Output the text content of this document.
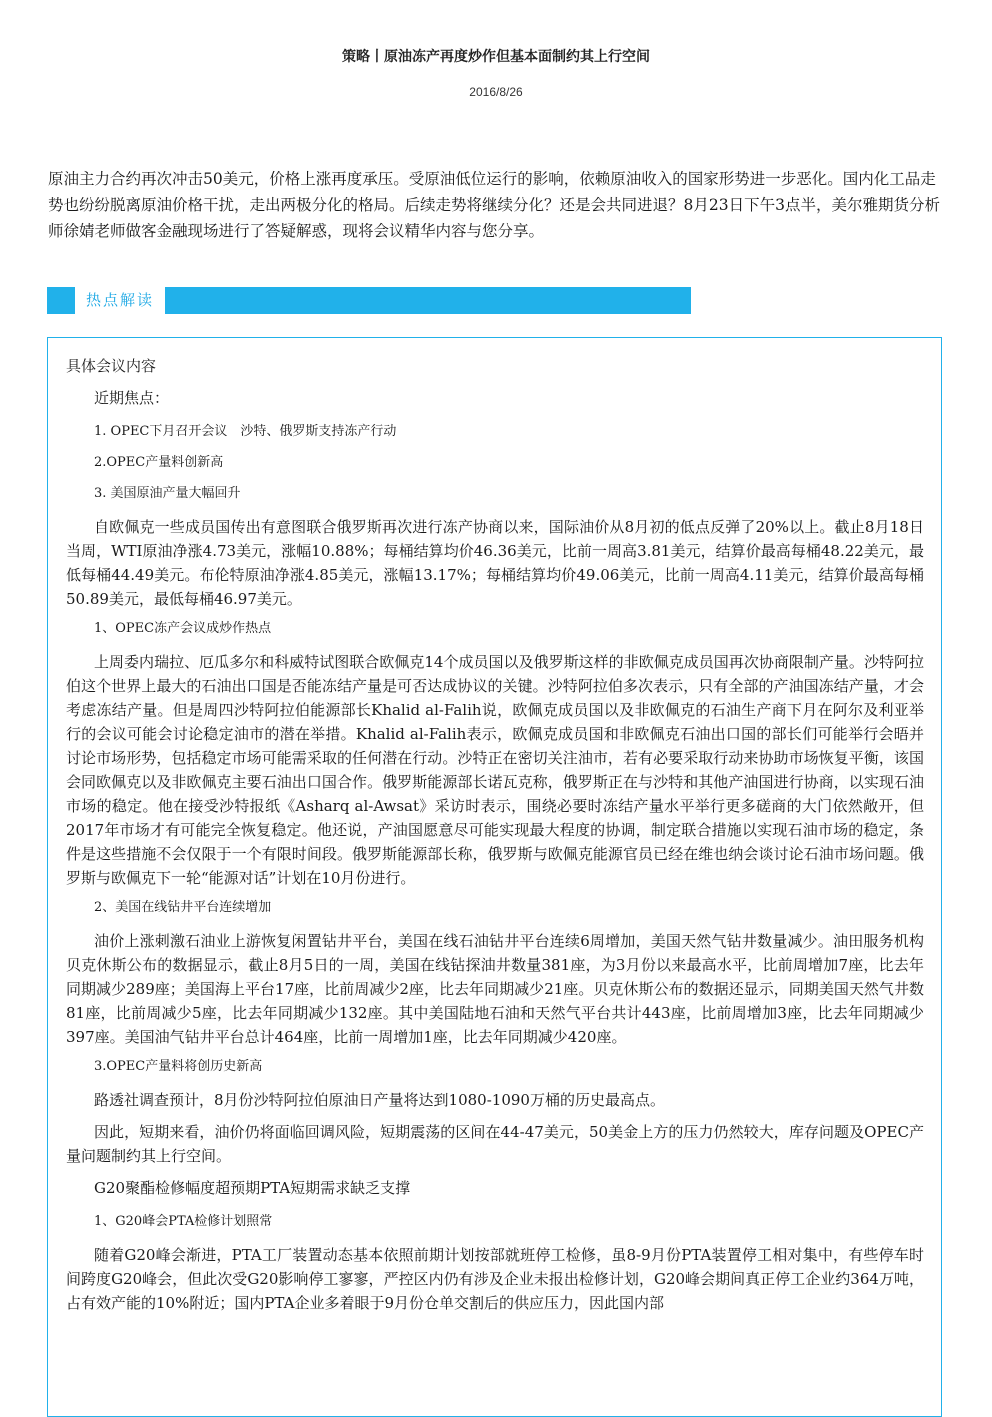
策略丨原油冻产再度炒作但基本面制约其上行空间
2016/8/26
原油主力合约再次冲击50美元，价格上涨再度承压。受原油低位运行的影响，依赖原油收入的国家形势进一步恶化。国内化工品走势也纷纷脱离原油价格干扰，走出两极分化的格局。后续走势将继续分化？还是会共同进退？8月23日下午3点半，美尔雅期货分析师徐婧老师做客金融现场进行了答疑解惑，现将会议精华内容与您分享。
热点解读
具体会议内容
近期焦点：
1. OPEC下月召开会议　沙特、俄罗斯支持冻产行动
2.OPEC产量料创新高
3. 美国原油产量大幅回升
自欧佩克一些成员国传出有意图联合俄罗斯再次进行冻产协商以来，国际油价从8月初的低点反弹了20%以上。截止8月18日当周，WTI原油净涨4.73美元，涨幅10.88%；每桶结算均价46.36美元，比前一周高3.81美元，结算价最高每桶48.22美元，最低每桶44.49美元。布伦特原油净涨4.85美元，涨幅13.17%；每桶结算均价49.06美元，比前一周高4.11美元，结算价最高每桶50.89美元，最低每桶46.97美元。
1、OPEC冻产会议成炒作热点
上周委内瑞拉、厄瓜多尔和科威特试图联合欧佩克14个成员国以及俄罗斯这样的非欧佩克成员国再次协商限制产量。沙特阿拉伯这个世界上最大的石油出口国是否能冻结产量是可否达成协议的关键。沙特阿拉伯多次表示，只有全部的产油国冻结产量，才会考虑冻结产量。但是周四沙特阿拉伯能源部长Khalid al-Falih说，欧佩克成员国以及非欧佩克的石油生产商下月在阿尔及利亚举行的会议可能会讨论稳定油市的潜在举措。Khalid al-Falih表示，欧佩克成员国和非欧佩克石油出口国的部长们可能举行会晤并讨论市场形势，包括稳定市场可能需采取的任何潜在行动。沙特正在密切关注油市，若有必要采取行动来协助市场恢复平衡，该国会同欧佩克以及非欧佩克主要石油出口国合作。俄罗斯能源部长诺瓦克称，俄罗斯正在与沙特和其他产油国进行协商，以实现石油市场的稳定。他在接受沙特报纸《Asharq al-Awsat》采访时表示，围绕必要时冻结产量水平举行更多磋商的大门依然敞开，但2017年市场才有可能完全恢复稳定。他还说，产油国愿意尽可能实现最大程度的协调，制定联合措施以实现石油市场的稳定，条件是这些措施不会仅限于一个有限时间段。俄罗斯能源部长称，俄罗斯与欧佩克能源官员已经在维也纳会谈讨论石油市场问题。俄罗斯与欧佩克下一轮“能源对话”计划在10月份进行。
2、美国在线钻井平台连续增加
油价上涨刺激石油业上游恢复闲置钻井平台，美国在线石油钻井平台连续6周增加，美国天然气钻井数量减少。油田服务机构贝克休斯公布的数据显示，截止8月5日的一周，美国在线钻探油井数量381座，为3月份以来最高水平，比前周增加7座，比去年同期减少289座；美国海上平台17座，比前周减少2座，比去年同期减少21座。贝克休斯公布的数据还显示，同期美国天然气井数81座，比前周减少5座，比去年同期减少132座。其中美国陆地石油和天然气平台共计443座，比前周增加3座，比去年同期减少397座。美国油气钻井平台总计464座，比前一周增加1座，比去年同期减少420座。
3.OPEC产量料将创历史新高
路透社调查预计，8月份沙特阿拉伯原油日产量将达到1080-1090万桶的历史最高点。
因此，短期来看，油价仍将面临回调风险，短期震荡的区间在44-47美元，50美金上方的压力仍然较大，库存问题及OPEC产量问题制约其上行空间。
G20聚酯检修幅度超预期PTA短期需求缺乏支撑
1、G20峰会PTA检修计划照常
随着G20峰会渐进，PTA工厂装置动态基本依照前期计划按部就班停工检修，虽8-9月份PTA装置停工相对集中，有些停车时间跨度G20峰会，但此次受G20影响停工寥寥，严控区内仍有涉及企业未报出检修计划，G20峰会期间真正停工企业约364万吨，占有效产能的10%附近；国内PTA企业多着眼于9月份仓单交割后的供应压力，因此国内部
